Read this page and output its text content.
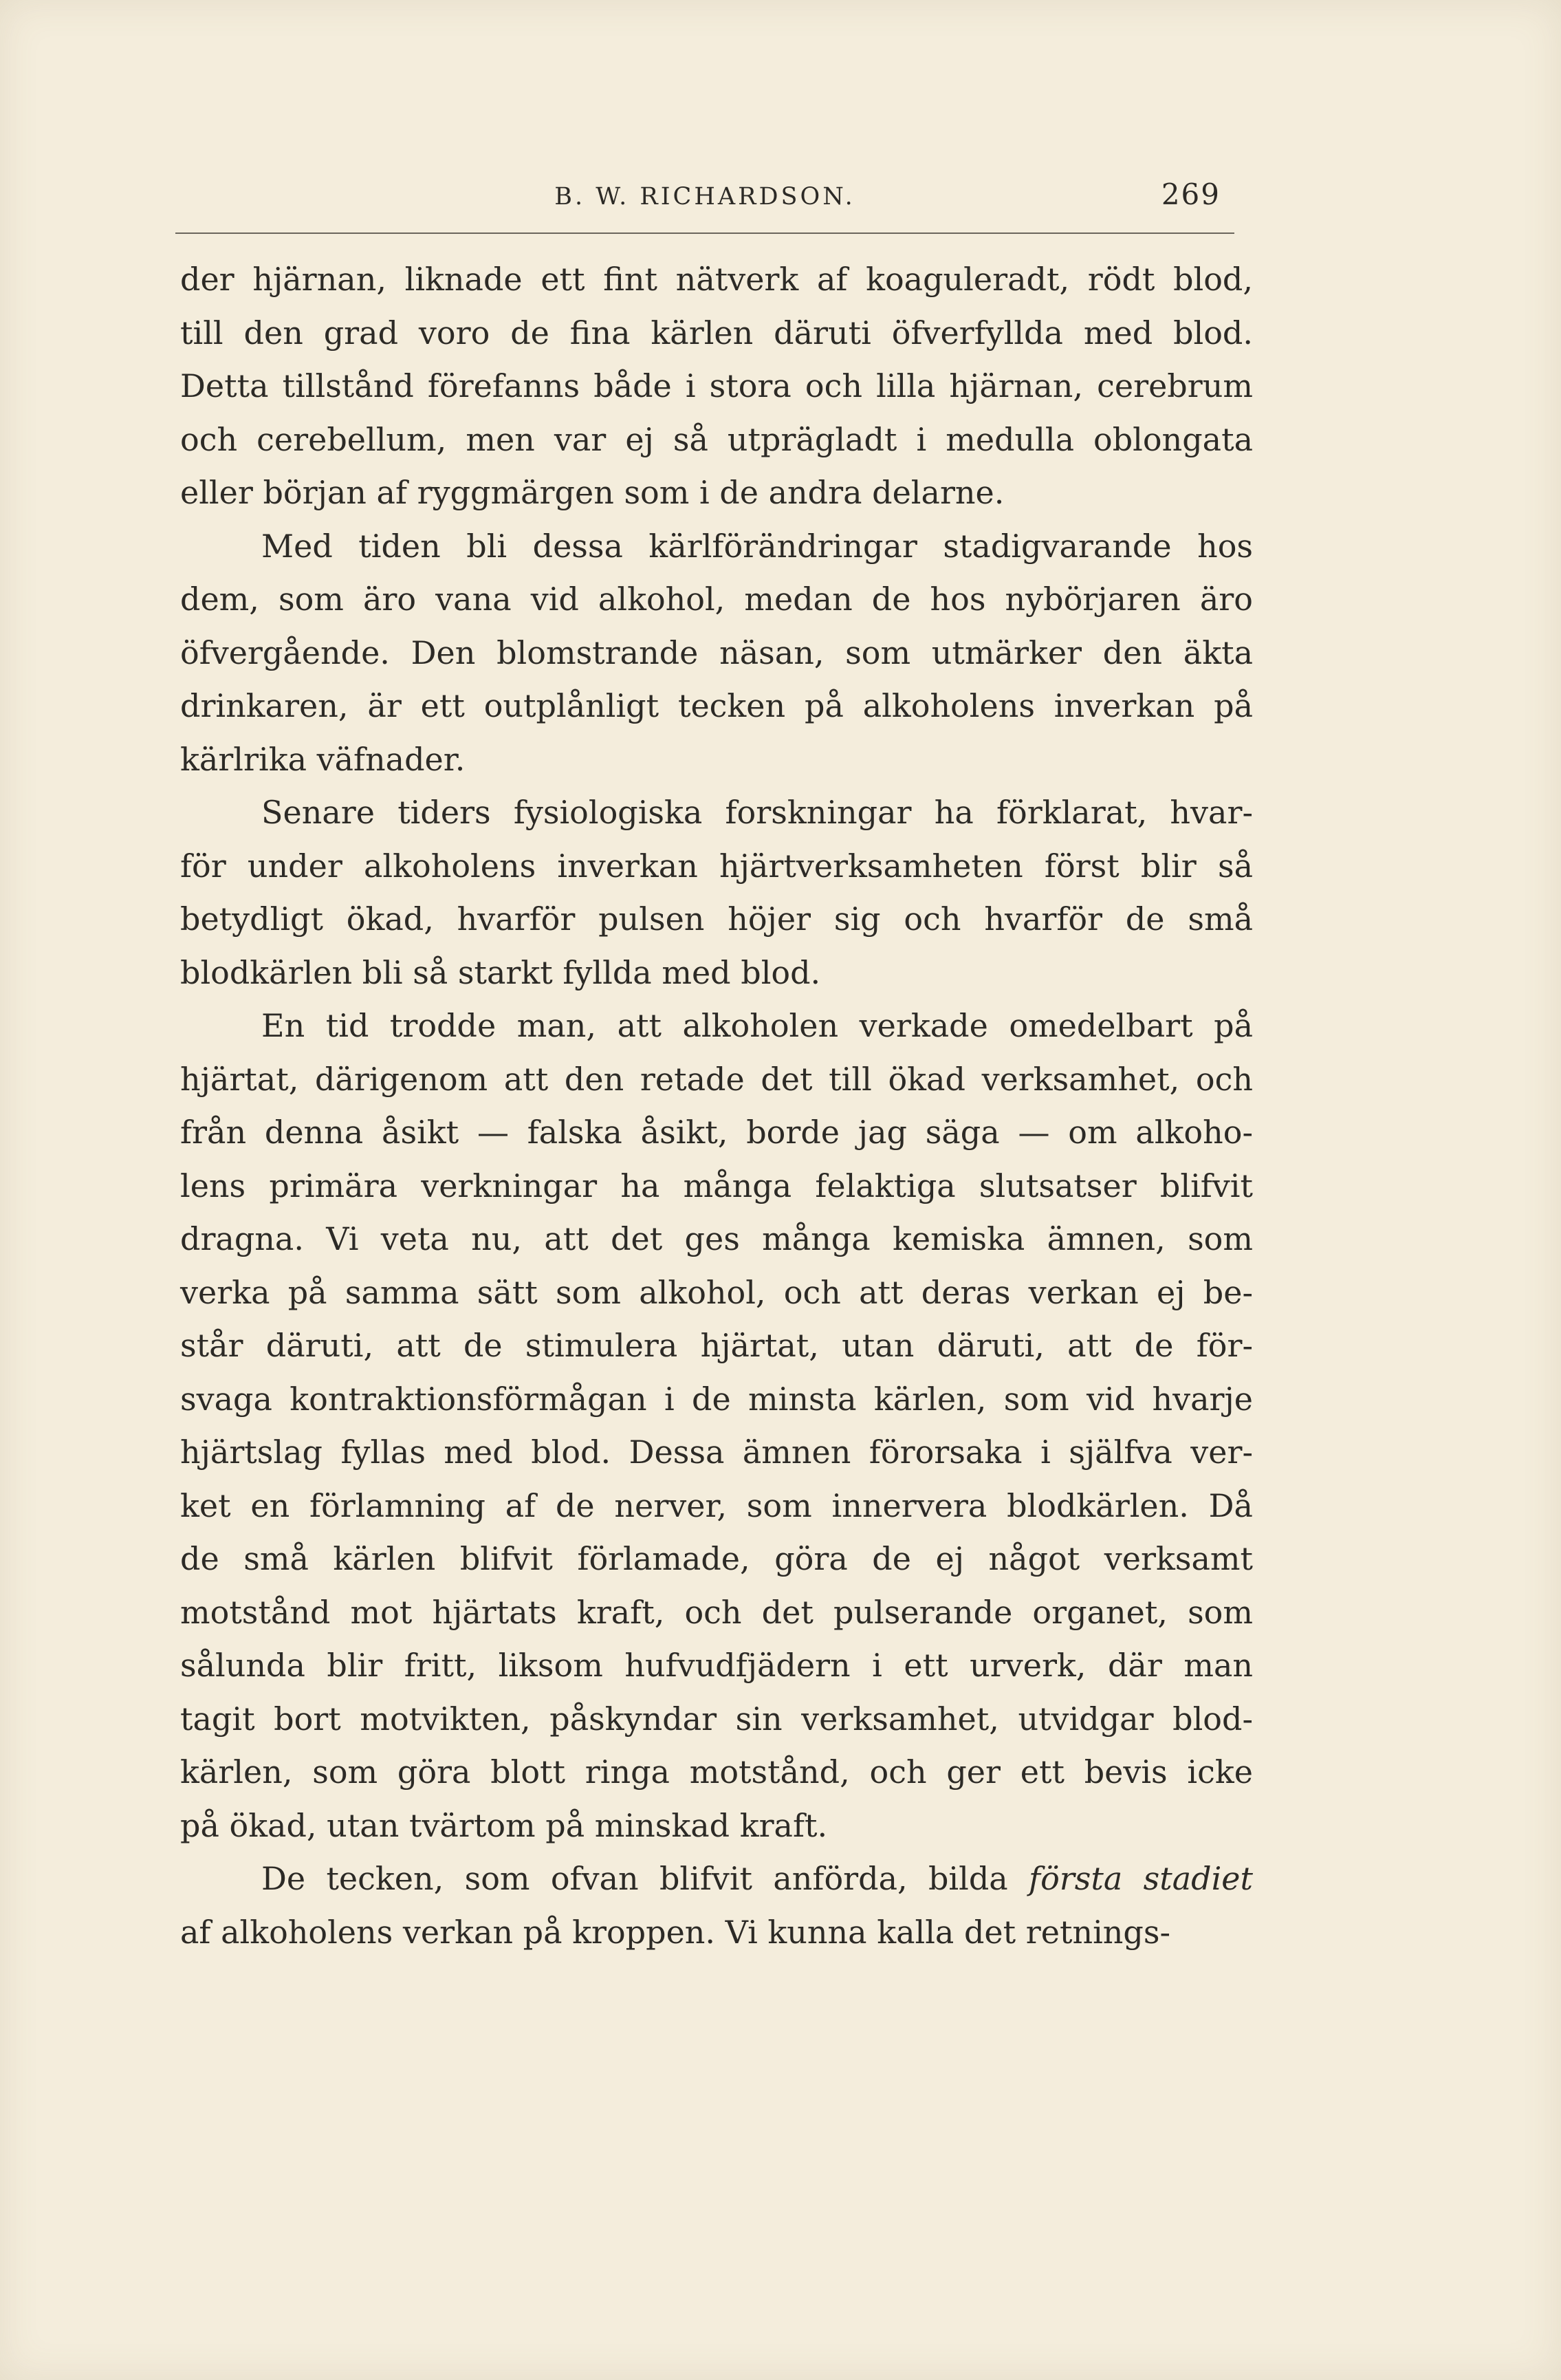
B. W. RICHARDSON.	269
der hjärnan, liknade ett fint nätverk af koaguleradt, rödt blod,
till den grad voro de fina kärlen däruti öfverfyllda med blod.
Detta tillstånd förefanns både i stora och lilla hjärnan, cerebrum
och cerebellum, men var ej så utprägladt i medulla oblongata
eller början af ryggmärgen som i de andra delarne.
Med tiden bli dessa kärlförändringar stadigvarande hos
dem, som äro vana vid alkohol, medan de hos nybörjaren äro
öfvergående. Den blomstrande näsan, som utmärker den äkta
drinkaren, är ett outplånligt tecken på alkoholens inverkan på
kärlrika väfnader.
Senare tiders fysiologiska forskningar ha förklarat, hvar-
för under alkoholens inverkan hjärtverksamheten först blir så
betydligt ökad, hvarför pulsen höjer sig och hvarför de små
blodkärlen bli så starkt fyllda med blod.
En tid trodde man, att alkoholen verkade omedelbart på
hjärtat, därigenom att den retade det till ökad verksamhet, och
från denna åsikt — falska åsikt, borde jag säga — om alkoho-
lens primära verkningar ha många felaktiga slutsatser blifvit
dragna. Vi veta nu, att det ges många kemiska ämnen, som
verka på samma sätt som alkohol, och att deras verkan ej be-
står däruti, att de stimulera hjärtat, utan däruti, att de för-
svaga kontraktionsförmågan i de minsta kärlen, som vid hvarje
hjärtslag fyllas med blod. Dessa ämnen förorsaka i själfva ver-
ket en förlamning af de nerver, som innervera blodkärlen. Då
de små kärlen blifvit förlamade, göra de ej något verksamt
motstånd mot hjärtats kraft, och det pulserande organet, som
sålunda blir fritt, liksom hufvudfjädern i ett urverk, där man
tagit bort motvikten, påskyndar sin verksamhet, utvidgar blod-
kärlen, som göra blott ringa motstånd, och ger ett bevis icke
på ökad, utan tvärtom på minskad kraft.
De tecken, som ofvan blifvit anförda, bilda första stadiet
af alkoholens verkan på kroppen. Vi kunna kalla det retnings-
